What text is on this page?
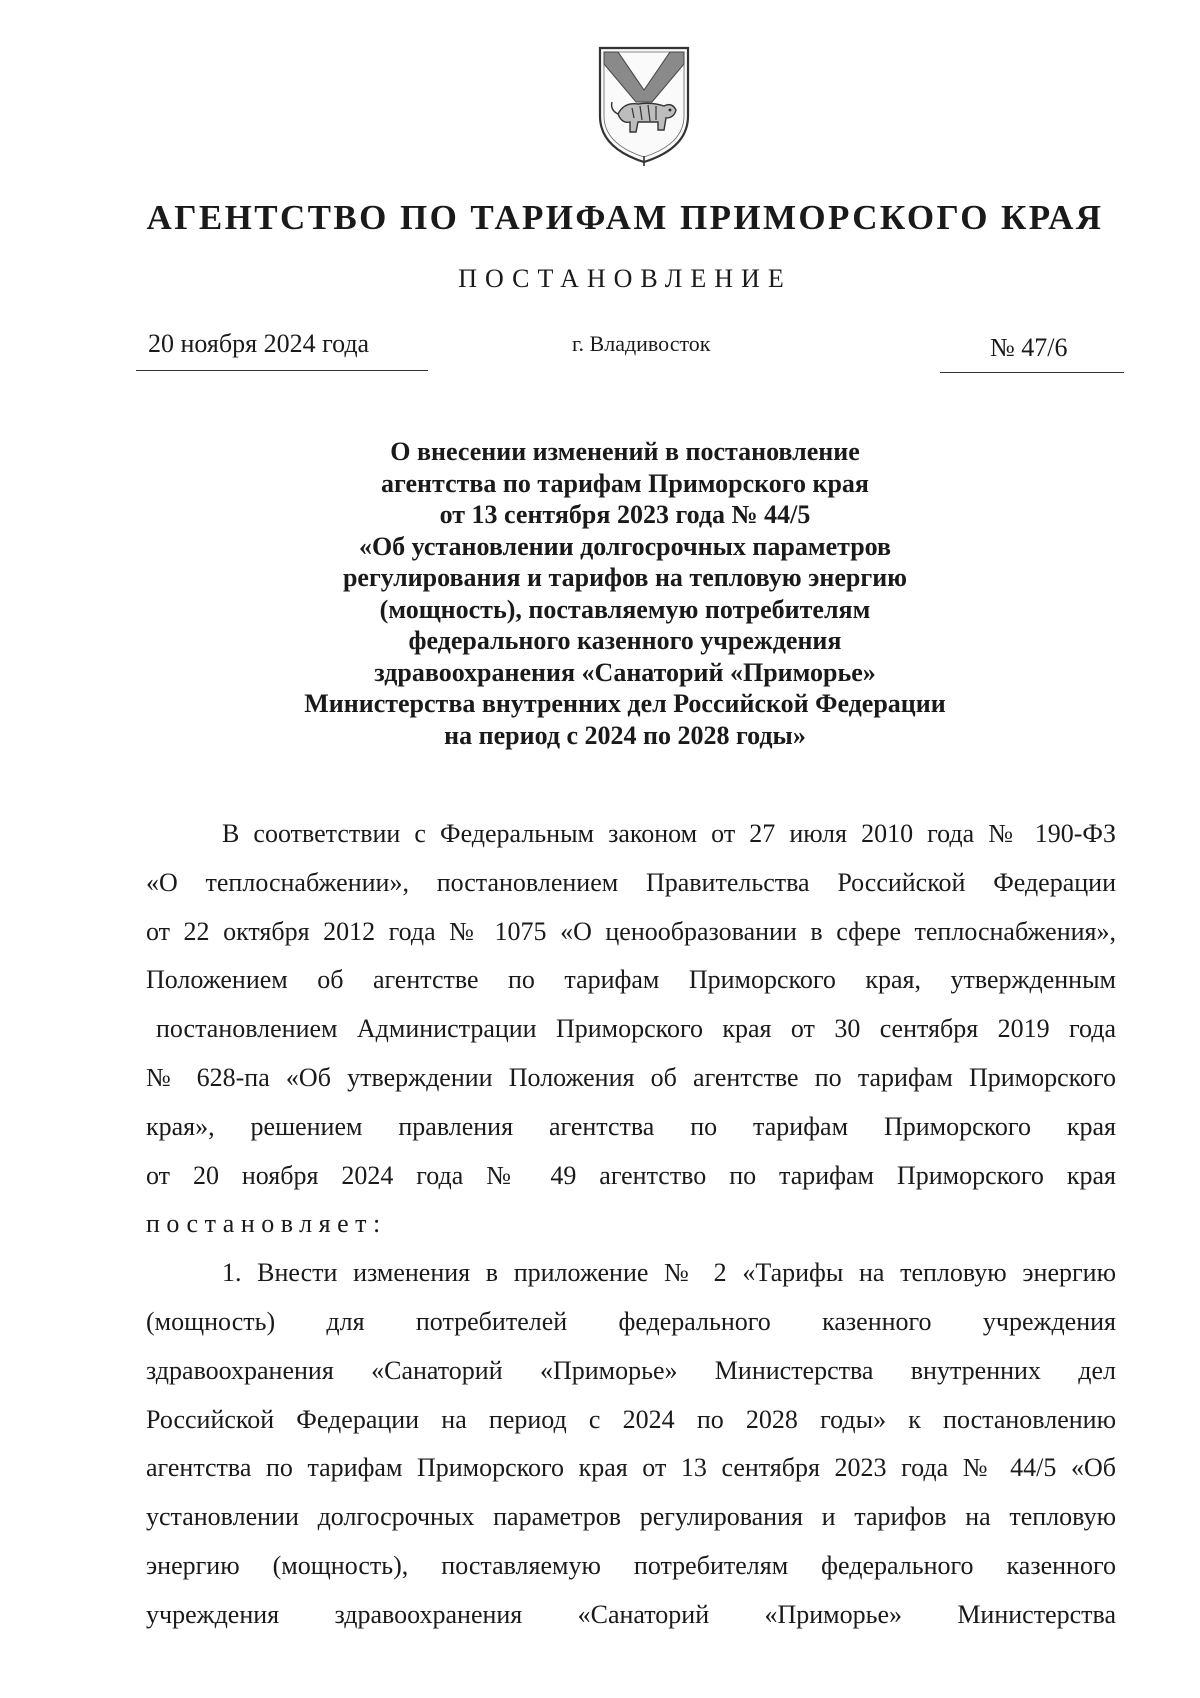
АГЕНТСТВО ПО ТАРИФАМ ПРИМОРСКОГО КРАЯ
ПОСТАНОВЛЕНИЕ
20 ноября 2024 года	г. Владивосток	№ 47/6
О внесении изменений в постановление
агентства по тарифам Приморского края
от 13 сентября 2023 года № 44/5
«Об установлении долгосрочных параметров
регулирования и тарифов на тепловую энергию
(мощность), поставляемую потребителям
федерального казенного учреждения
здравоохранения «Санаторий «Приморье»
Министерства внутренних дел Российской Федерации
на период с 2024 по 2028 годы»
В соответствии с Федеральным законом от 27 июля 2010 года № 190-ФЗ
«О теплоснабжении», постановлением Правительства Российской Федерации
от 22 октября 2012 года № 1075 «О ценообразовании в сфере теплоснабжения»,
Положением об агентстве по тарифам Приморского края, утвержденным
постановлением Администрации Приморского края от 30 сентября 2019 года
№ 628-па «Об утверждении Положения об агентстве по тарифам Приморского
края», решением правления агентства по тарифам Приморского края
от 20 ноября 2024 года № 49 агентство по тарифам Приморского края
постановляет:
1. Внести изменения в приложение № 2 «Тарифы на тепловую энергию
(мощность) для потребителей федерального казенного учреждения
здравоохранения «Санаторий «Приморье» Министерства внутренних дел
Российской Федерации на период с 2024 по 2028 годы» к постановлению
агентства по тарифам Приморского края от 13 сентября 2023 года № 44/5 «Об
установлении долгосрочных параметров регулирования и тарифов на тепловую
энергию (мощность), поставляемую потребителям федерального казенного
учреждения здравоохранения «Санаторий «Приморье» Министерства
